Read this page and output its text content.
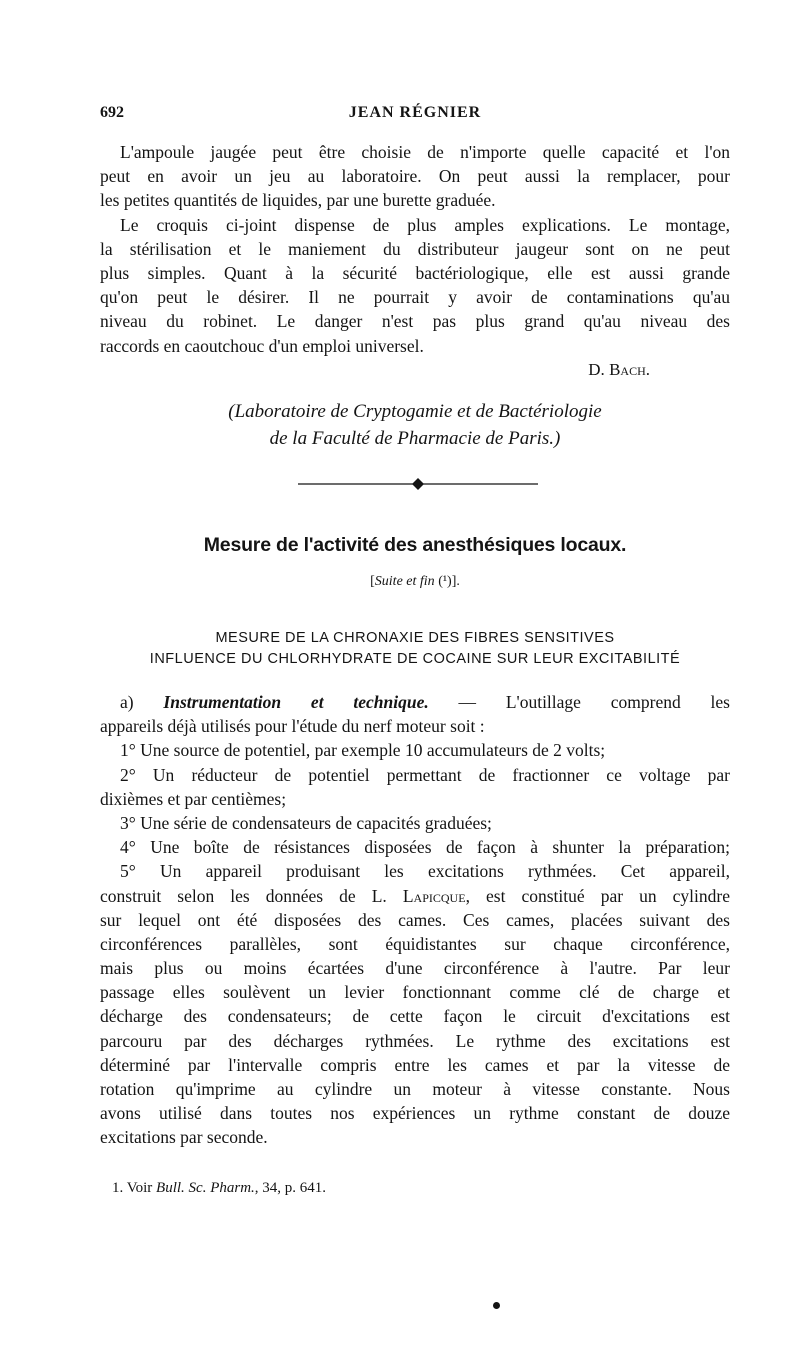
692	JEAN RÉGNIER
L'ampoule jaugée peut être choisie de n'importe quelle capacité et l'on
peut en avoir un jeu au laboratoire. On peut aussi la remplacer, pour
les petites quantités de liquides, par une burette graduée.
Le croquis ci-joint dispense de plus amples explications. Le montage,
la stérilisation et le maniement du distributeur jaugeur sont on ne peut
plus simples. Quant à la sécurité bactériologique, elle est aussi grande
qu'on peut le désirer. Il ne pourrait y avoir de contaminations qu'au
niveau du robinet. Le danger n'est pas plus grand qu'au niveau des
raccords en caoutchouc d'un emploi universel.
D. Bach.
(Laboratoire de Cryptogamie et de Bactériologie
de la Faculté de Pharmacie de Paris.)
Mesure de l'activité des anesthésiques locaux.
[Suite et fin (¹)].
MESURE DE LA CHRONAXIE DES FIBRES SENSITIVES
INFLUENCE DU CHLORHYDRATE DE COCAINE SUR LEUR EXCITABILITÉ
a) Instrumentation et technique. — L'outillage comprend les
appareils déjà utilisés pour l'étude du nerf moteur soit :
1° Une source de potentiel, par exemple 10 accumulateurs de 2 volts;
2° Un réducteur de potentiel permettant de fractionner ce voltage par
dixièmes et par centièmes;
3° Une série de condensateurs de capacités graduées;
4° Une boîte de résistances disposées de façon à shunter la préparation;
5° Un appareil produisant les excitations rythmées. Cet appareil,
construit selon les données de L. Lapicque, est constitué par un cylindre
sur lequel ont été disposées des cames. Ces cames, placées suivant des
circonférences parallèles, sont équidistantes sur chaque circonférence,
mais plus ou moins écartées d'une circonférence à l'autre. Par leur
passage elles soulèvent un levier fonctionnant comme clé de charge et
décharge des condensateurs; de cette façon le circuit d'excitations est
parcouru par des décharges rythmées. Le rythme des excitations est
déterminé par l'intervalle compris entre les cames et par la vitesse de
rotation qu'imprime au cylindre un moteur à vitesse constante. Nous
avons utilisé dans toutes nos expériences un rythme constant de douze
excitations par seconde.
1. Voir Bull. Sc. Pharm., 34, p. 641.
